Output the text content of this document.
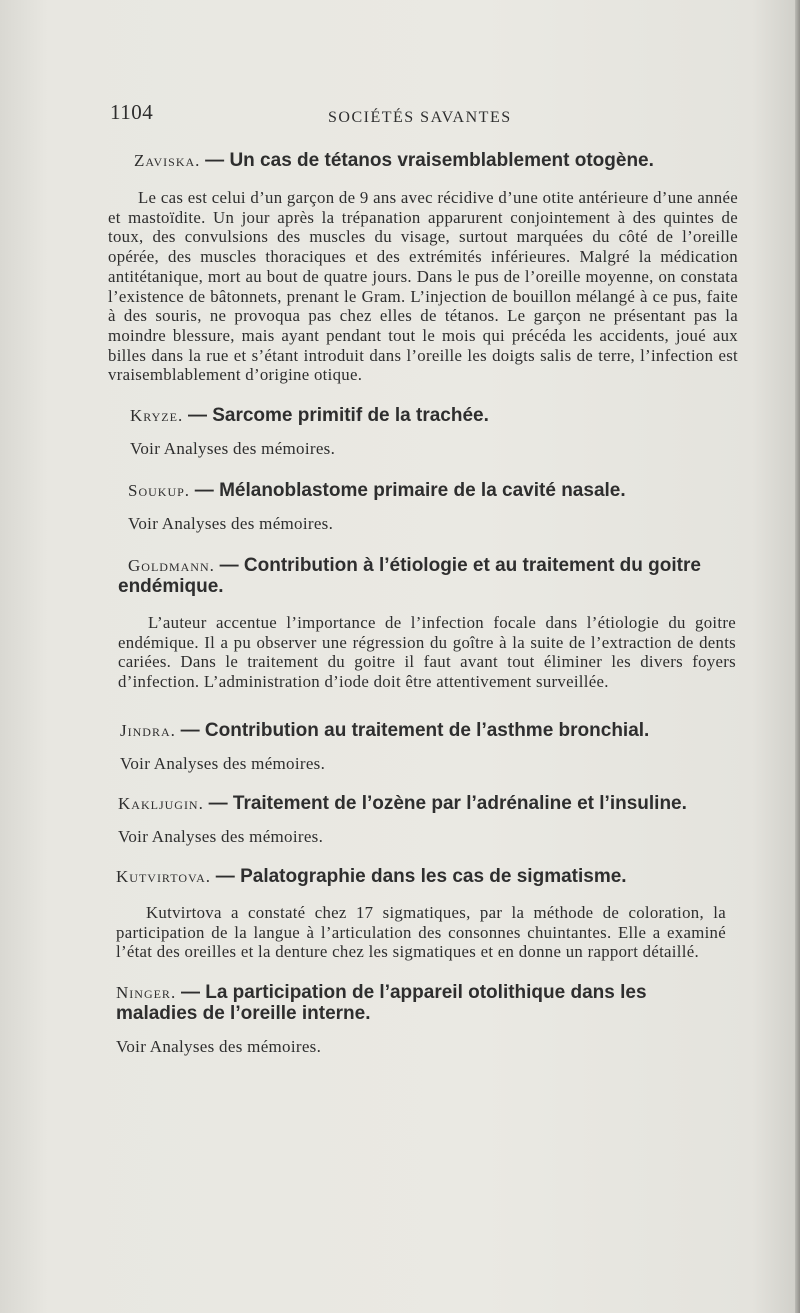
1104	SOCIÉTÉS SAVANTES

Zaviska. — Un cas de tétanos vraisemblablement otogène.

Le cas est celui d’un garçon de 9 ans avec récidive d’une otite antérieure d’une année et mastoïdite. Un jour après la trépanation apparurent conjointement à des quintes de toux, des convulsions des muscles du visage, surtout marquées du côté de l’oreille opérée, des muscles thoraciques et des extrémités inférieures. Malgré la médication antitétanique, mort au bout de quatre jours. Dans le pus de l’oreille moyenne, on constata l’existence de bâtonnets, prenant le Gram. L’injection de bouillon mélangé à ce pus, faite à des souris, ne provoqua pas chez elles de tétanos. Le garçon ne présentant pas la moindre blessure, mais ayant pendant tout le mois qui précéda les accidents, joué aux billes dans la rue et s’étant introduit dans l’oreille les doigts salis de terre, l’infection est vraisemblablement d’origine otique.

Kryze. — Sarcome primitif de la trachée.

Voir Analyses des mémoires.

Soukup. — Mélanoblastome primaire de la cavité nasale.

Voir Analyses des mémoires.

Goldmann. — Contribution à l’étiologie et au traitement du goitre endémique.

L’auteur accentue l’importance de l’infection focale dans l’étiologie du goitre endémique. Il a pu observer une régression du goître à la suite de l’extraction de dents cariées. Dans le traitement du goitre il faut avant tout éliminer les divers foyers d’infection. L’administration d’iode doit être attentivement surveillée.

Jindra. — Contribution au traitement de l’asthme bronchial.

Voir Analyses des mémoires.

Kakljugin. — Traitement de l’ozène par l’adrénaline et l’insuline.

Voir Analyses des mémoires.

Kutvirtova. — Palatographie dans les cas de sigmatisme.

Kutvirtova a constaté chez 17 sigmatiques, par la méthode de coloration, la participation de la langue à l’articulation des consonnes chuintantes. Elle a examiné l’état des oreilles et la denture chez les sigmatiques et en donne un rapport détaillé.

Ninger. — La participation de l’appareil otolithique dans les maladies de l’oreille interne.

Voir Analyses des mémoires.
